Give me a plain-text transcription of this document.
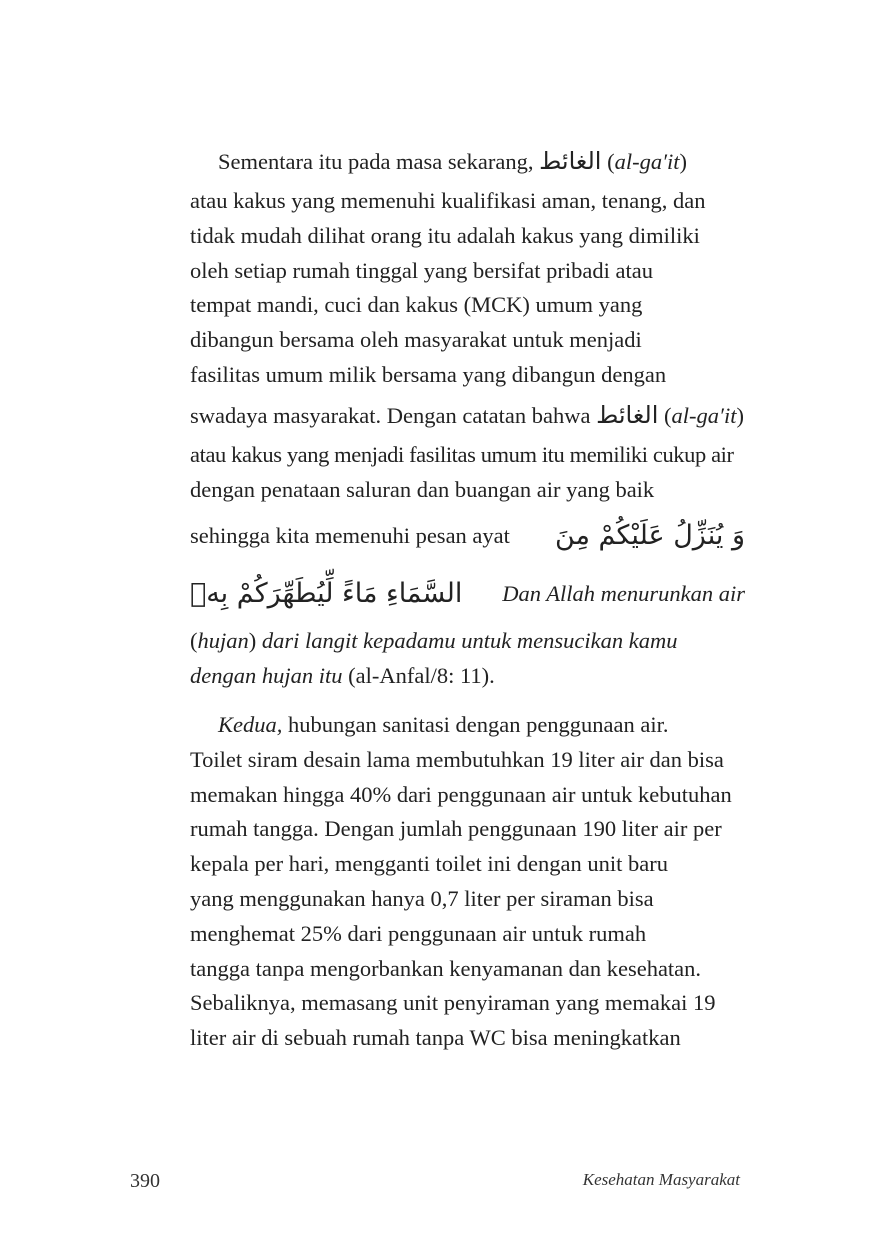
Sementara itu pada masa sekarang, الغائط (al-ga′it)

atau kakus yang memenuhi kualifikasi aman, tenang, dan

tidak mudah dilihat orang itu adalah kakus yang dimiliki

oleh setiap rumah tinggal yang bersifat pribadi atau

tempat mandi, cuci dan kakus (MCK) umum yang

dibangun bersama oleh masyarakat untuk menjadi

fasilitas umum milik bersama yang dibangun dengan

swadaya masyarakat. Dengan catatan bahwa الغائط (al-ga′it)

atau kakus yang menjadi fasilitas umum itu memiliki cukup air

dengan penataan saluran dan buangan air yang baik

sehingga kita memenuhi pesan ayat وَ يُنَزِّلُ عَلَيْكُمْ مِنَ

السَّمَاءِ مَاءً لِّيُطَهِّرَكُمْ بِهٖ Dan Allah menurunkan air

(hujan) dari langit kepadamu untuk mensucikan kamu

dengan hujan itu (al-Anfal/8: 11).

Kedua, hubungan sanitasi dengan penggunaan air.

Toilet siram desain lama membutuhkan 19 liter air dan bisa

memakan hingga 40% dari penggunaan air untuk kebutuhan

rumah tangga. Dengan jumlah penggunaan 190 liter air per

kepala per hari, mengganti toilet ini dengan unit baru

yang menggunakan hanya 0,7 liter per siraman bisa

menghemat 25% dari penggunaan air untuk rumah

tangga tanpa mengorbankan kenyamanan dan kesehatan.

Sebaliknya, memasang unit penyiraman yang memakai 19

liter air di sebuah rumah tanpa WC bisa meningkatkan

390	Kesehatan Masyarakat
